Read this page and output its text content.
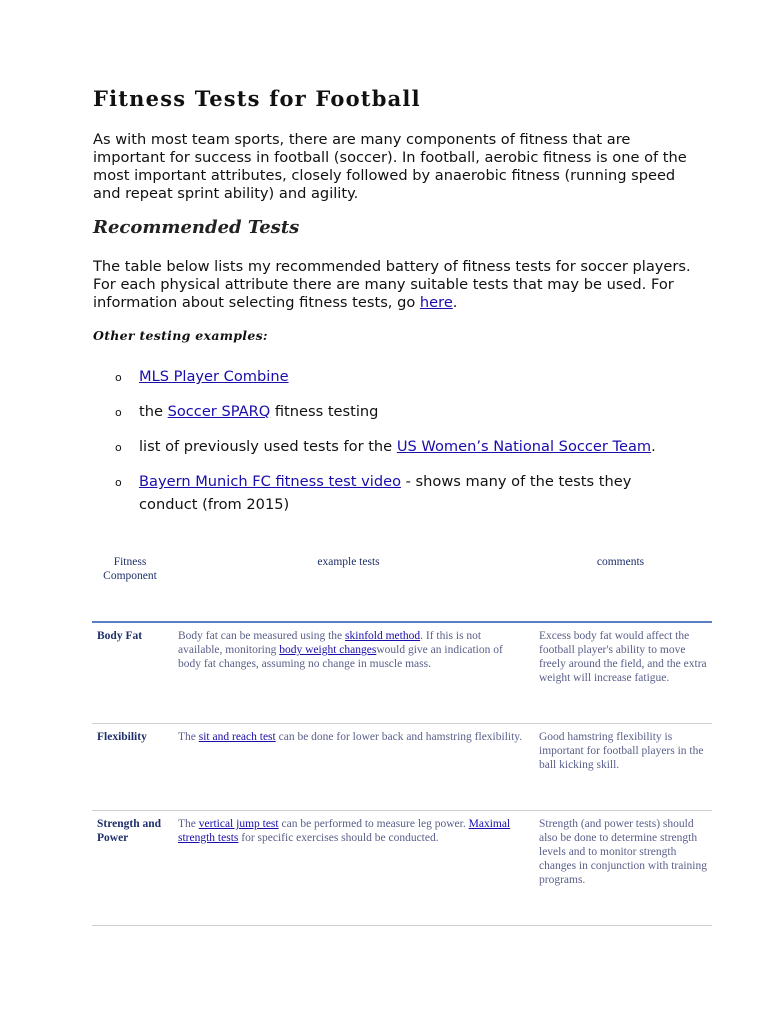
Fitness Tests for Football

As with most team sports, there are many components of fitness that are important for success in football (soccer). In football, aerobic fitness is one of the most important attributes, closely followed by anaerobic fitness (running speed and repeat sprint ability) and agility.

Recommended Tests

The table below lists my recommended battery of fitness tests for soccer players. For each physical attribute there are many suitable tests that may be used. For information about selecting fitness tests, go here.

Other testing examples:
o MLS Player Combine
o the Soccer SPARQ fitness testing
o list of previously used tests for the US Women’s National Soccer Team.
o Bayern Munich FC fitness test video - shows many of the tests they conduct (from 2015)
Fitness Component	example tests	comments
Body Fat	Body fat can be measured using the skinfold method. If this is not available, monitoring body weight changeswould give an indication of body fat changes, assuming no change in muscle mass.	Excess body fat would affect the football player's ability to move freely around the field, and the extra weight will increase fatigue.
Flexibility	The sit and reach test can be done for lower back and hamstring flexibility.	Good hamstring flexibility is important for football players in the ball kicking skill.
Strength and Power	The vertical jump test can be performed to measure leg power. Maximal strength tests for specific exercises should be conducted.	Strength (and power tests) should also be done to determine strength levels and to monitor strength changes in conjunction with training programs.
